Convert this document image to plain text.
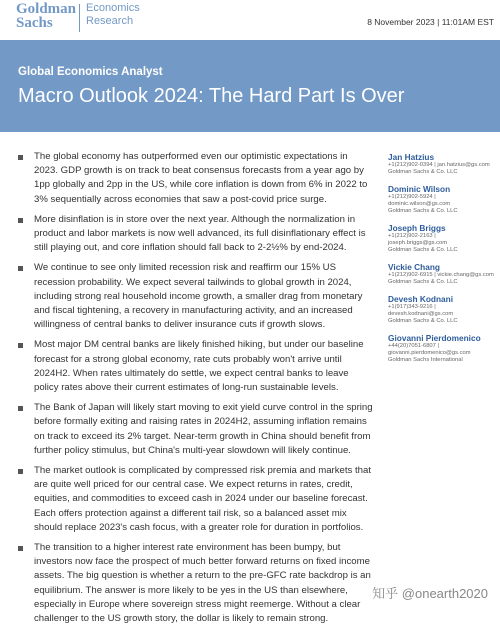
Goldman
Sachs
Economics
Research	8 November 2023 | 11:01AM EST
Global Economics Analyst
Macro Outlook 2024: The Hard Part Is Over
The global economy has outperformed even our optimistic expectations in 2023. GDP growth is on track to beat consensus forecasts from a year ago by 1pp globally and 2pp in the US, while core inflation is down from 6% in 2022 to 3% sequentially across economies that saw a post-covid price surge.
More disinflation is in store over the next year. Although the normalization in product and labor markets is now well advanced, its full disinflationary effect is still playing out, and core inflation should fall back to 2-2½% by end-2024.
We continue to see only limited recession risk and reaffirm our 15% US recession probability. We expect several tailwinds to global growth in 2024, including strong real household income growth, a smaller drag from monetary and fiscal tightening, a recovery in manufacturing activity, and an increased willingness of central banks to deliver insurance cuts if growth slows.
Most major DM central banks are likely finished hiking, but under our baseline forecast for a strong global economy, rate cuts probably won't arrive until 2024H2. When rates ultimately do settle, we expect central banks to leave policy rates above their current estimates of long-run sustainable levels.
The Bank of Japan will likely start moving to exit yield curve control in the spring before formally exiting and raising rates in 2024H2, assuming inflation remains on track to exceed its 2% target. Near-term growth in China should benefit from further policy stimulus, but China's multi-year slowdown will likely continue.
The market outlook is complicated by compressed risk premia and markets that are quite well priced for our central case. We expect returns in rates, credit, equities, and commodities to exceed cash in 2024 under our baseline forecast. Each offers protection against a different tail risk, so a balanced asset mix should replace 2023's cash focus, with a greater role for duration in portfolios.
The transition to a higher interest rate environment has been bumpy, but investors now face the prospect of much better forward returns on fixed income assets. The big question is whether a return to the pre-GFC rate backdrop is an equilibrium. The answer is more likely to be yes in the US than elsewhere, especially in Europe where sovereign stress might reemerge. Without a clear challenger to the US growth story, the dollar is likely to remain strong.
Jan Hatzius
+1(212)902-0394 | jan.hatzius@gs.com
Goldman Sachs & Co. LLC
Dominic Wilson
+1(212)902-5924 |
dominic.wilson@gs.com
Goldman Sachs & Co. LLC
Joseph Briggs
+1(212)902-2163 |
joseph.briggs@gs.com
Goldman Sachs & Co. LLC
Vickie Chang
+1(212)902-6915 | vickie.chang@gs.com
Goldman Sachs & Co. LLC
Devesh Kodnani
+1(917)343-9216 |
devesh.kodnani@gs.com
Goldman Sachs & Co. LLC
Giovanni Pierdomenico
+44(20)7051-6807 |
giovanni.pierdomenico@gs.com
Goldman Sachs International
知乎 @onearth2020
